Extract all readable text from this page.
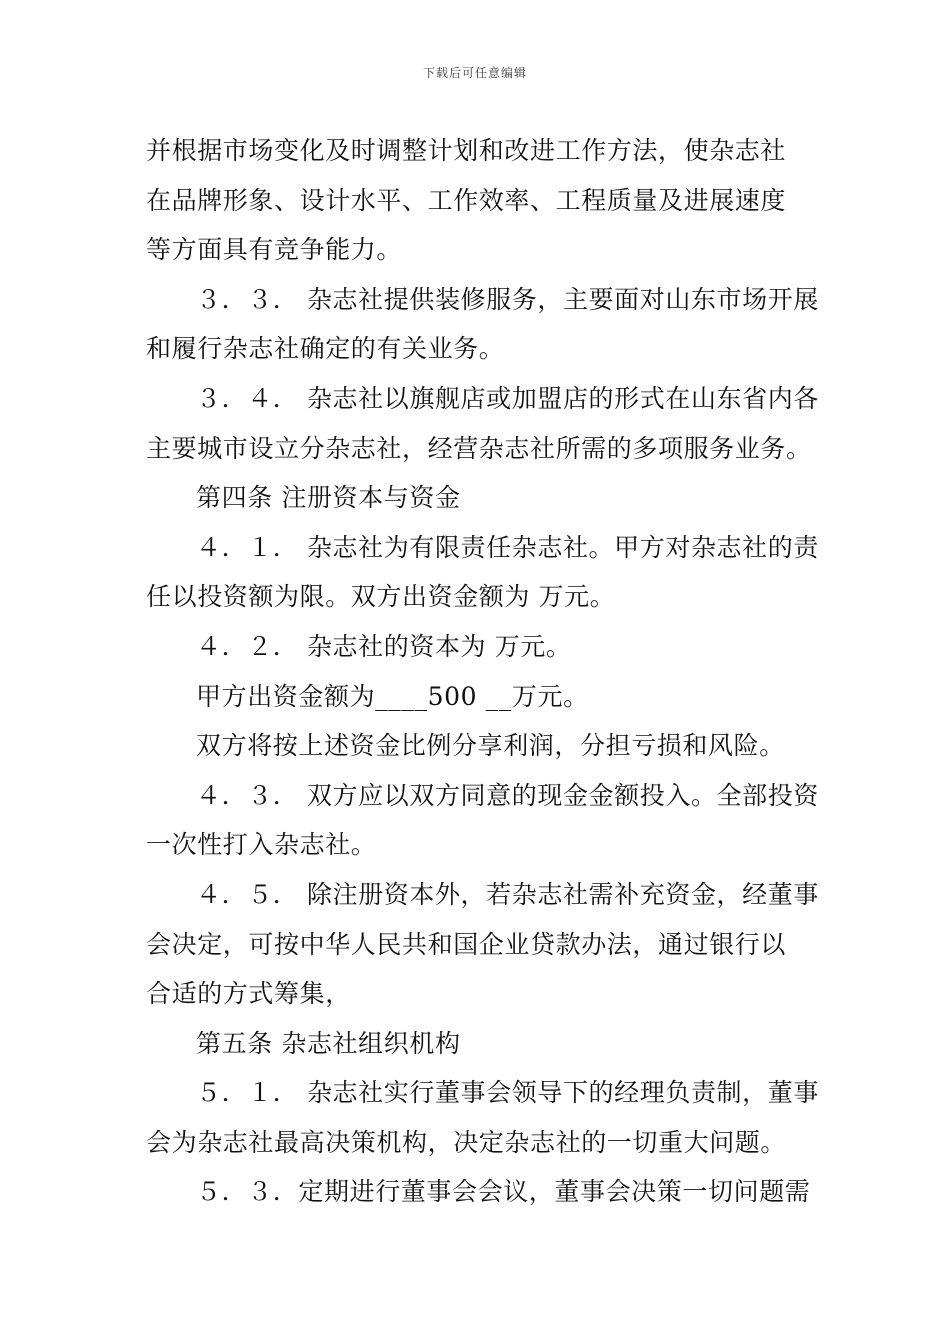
下载后可任意编辑
并根据市场变化及时调整计划和改进工作方法，使杂志社
在品牌形象、设计水平、工作效率、工程质量及进展速度
等方面具有竞争能力。
３．３． 杂志社提供装修服务，主要面对山东市场开展
和履行杂志社确定的有关业务。
３．４． 杂志社以旗舰店或加盟店的形式在山东省内各
主要城市设立分杂志社，经营杂志社所需的多项服务业务。
第四条 注册资本与资金
４．１． 杂志社为有限责任杂志社。甲方对杂志社的责
任以投资额为限。双方出资金额为 万元。
４．２． 杂志社的资本为 万元。
甲方出资金额为____500 __万元。
双方将按上述资金比例分享利润，分担亏损和风险。
４．３． 双方应以双方同意的现金金额投入。全部投资
一次性打入杂志社。
４．５． 除注册资本外，若杂志社需补充资金，经董事
会决定，可按中华人民共和国企业贷款办法，通过银行以
合适的方式筹集，
第五条 杂志社组织机构
５．１． 杂志社实行董事会领导下的经理负责制，董事
会为杂志社最高决策机构，决定杂志社的一切重大问题。
５．３．定期进行董事会会议，董事会决策一切问题需
